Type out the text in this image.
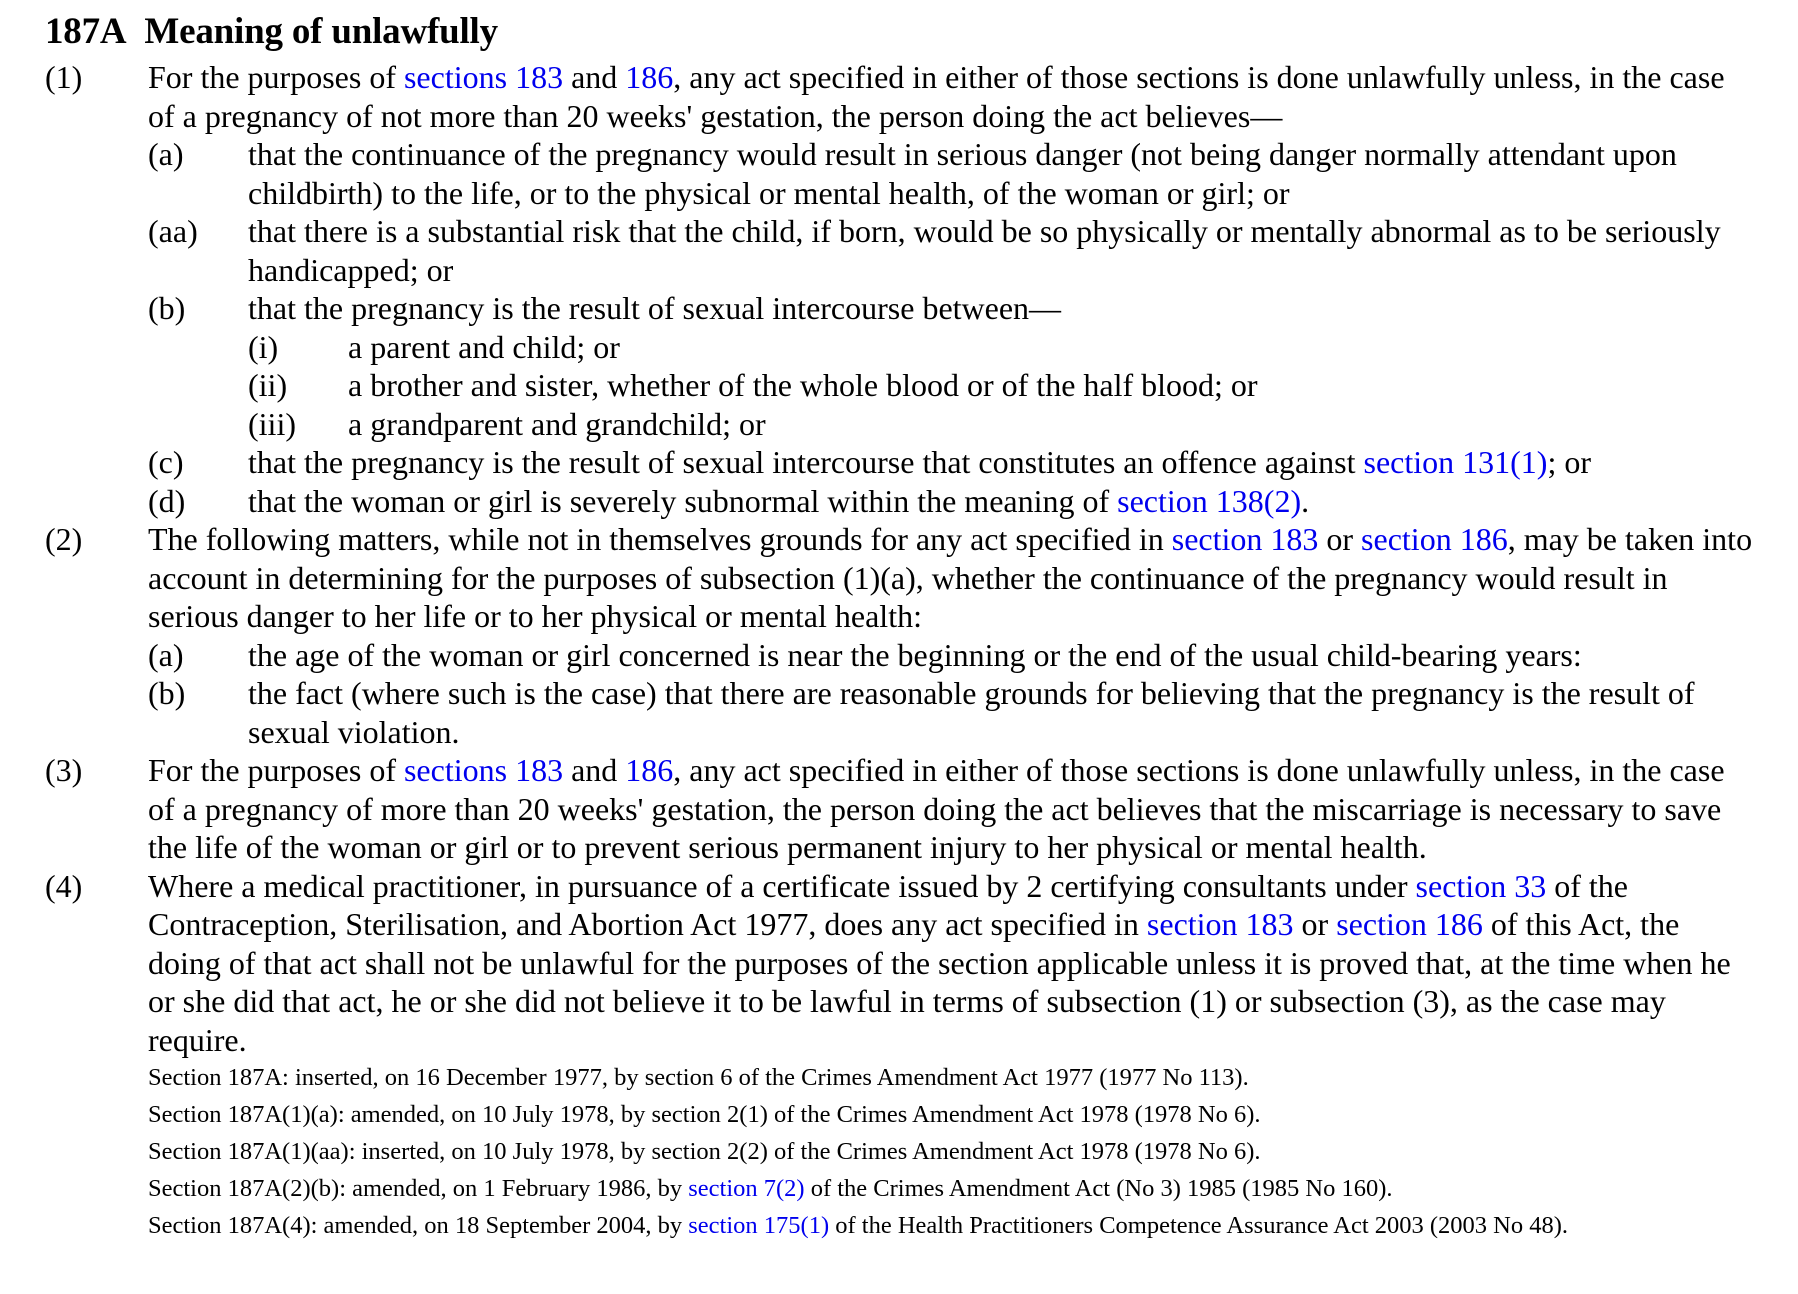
187A Meaning of unlawfully
(1) For the purposes of sections 183 and 186, any act specified in either of those sections is done unlawfully unless, in the case of a pregnancy of not more than 20 weeks' gestation, the person doing the act believes—
(a) that the continuance of the pregnancy would result in serious danger (not being danger normally attendant upon childbirth) to the life, or to the physical or mental health, of the woman or girl; or
(aa) that there is a substantial risk that the child, if born, would be so physically or mentally abnormal as to be seriously handicapped; or
(b) that the pregnancy is the result of sexual intercourse between—
(i) a parent and child; or
(ii) a brother and sister, whether of the whole blood or of the half blood; or
(iii) a grandparent and grandchild; or
(c) that the pregnancy is the result of sexual intercourse that constitutes an offence against section 131(1); or
(d) that the woman or girl is severely subnormal within the meaning of section 138(2).
(2) The following matters, while not in themselves grounds for any act specified in section 183 or section 186, may be taken into account in determining for the purposes of subsection (1)(a), whether the continuance of the pregnancy would result in serious danger to her life or to her physical or mental health:
(a) the age of the woman or girl concerned is near the beginning or the end of the usual child-bearing years:
(b) the fact (where such is the case) that there are reasonable grounds for believing that the pregnancy is the result of sexual violation.
(3) For the purposes of sections 183 and 186, any act specified in either of those sections is done unlawfully unless, in the case of a pregnancy of more than 20 weeks' gestation, the person doing the act believes that the miscarriage is necessary to save the life of the woman or girl or to prevent serious permanent injury to her physical or mental health.
(4) Where a medical practitioner, in pursuance of a certificate issued by 2 certifying consultants under section 33 of the Contraception, Sterilisation, and Abortion Act 1977, does any act specified in section 183 or section 186 of this Act, the doing of that act shall not be unlawful for the purposes of the section applicable unless it is proved that, at the time when he or she did that act, he or she did not believe it to be lawful in terms of subsection (1) or subsection (3), as the case may require.
Section 187A: inserted, on 16 December 1977, by section 6 of the Crimes Amendment Act 1977 (1977 No 113).
Section 187A(1)(a): amended, on 10 July 1978, by section 2(1) of the Crimes Amendment Act 1978 (1978 No 6).
Section 187A(1)(aa): inserted, on 10 July 1978, by section 2(2) of the Crimes Amendment Act 1978 (1978 No 6).
Section 187A(2)(b): amended, on 1 February 1986, by section 7(2) of the Crimes Amendment Act (No 3) 1985 (1985 No 160).
Section 187A(4): amended, on 18 September 2004, by section 175(1) of the Health Practitioners Competence Assurance Act 2003 (2003 No 48).
